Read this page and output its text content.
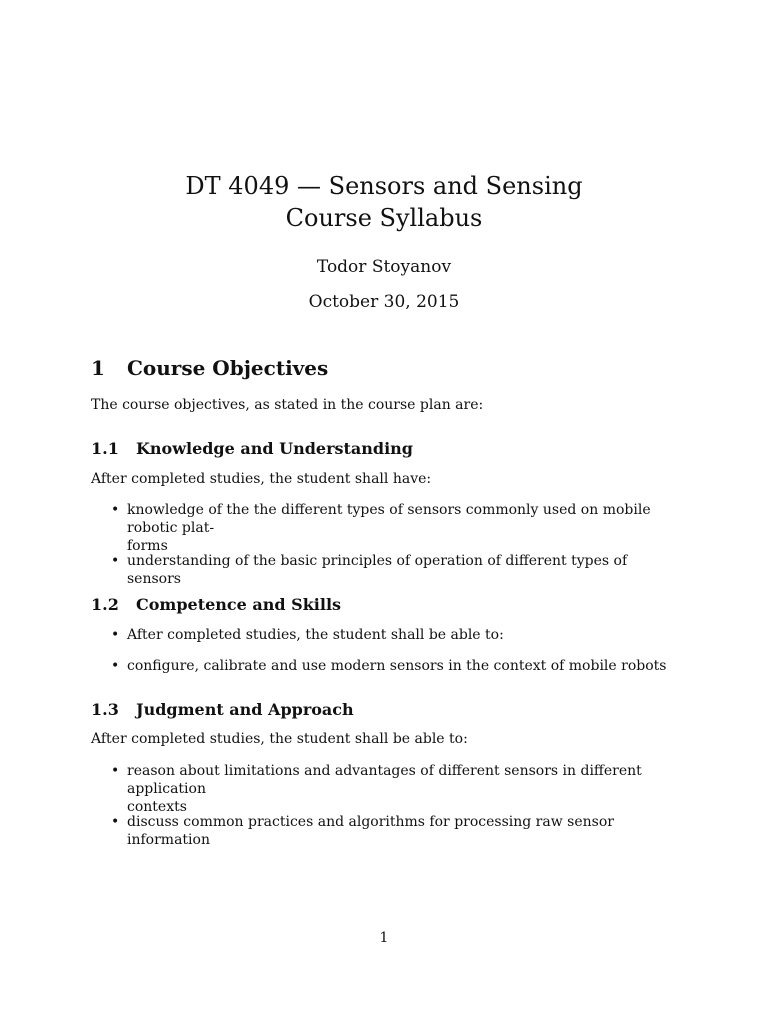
DT 4049 — Sensors and Sensing
Course Syllabus

Todor Stoyanov

October 30, 2015

1 Course Objectives

The course objectives, as stated in the course plan are:

1.1 Knowledge and Understanding

After completed studies, the student shall have:

• knowledge of the the different types of sensors commonly used on mobile robotic plat-
forms
• understanding of the basic principles of operation of different types of sensors
1.2 Competence and Skills
• After completed studies, the student shall be able to:
• configure, calibrate and use modern sensors in the context of mobile robots
1.3 Judgment and Approach

After completed studies, the student shall be able to:

• reason about limitations and advantages of different sensors in different application
contexts
• discuss common practices and algorithms for processing raw sensor information

1
